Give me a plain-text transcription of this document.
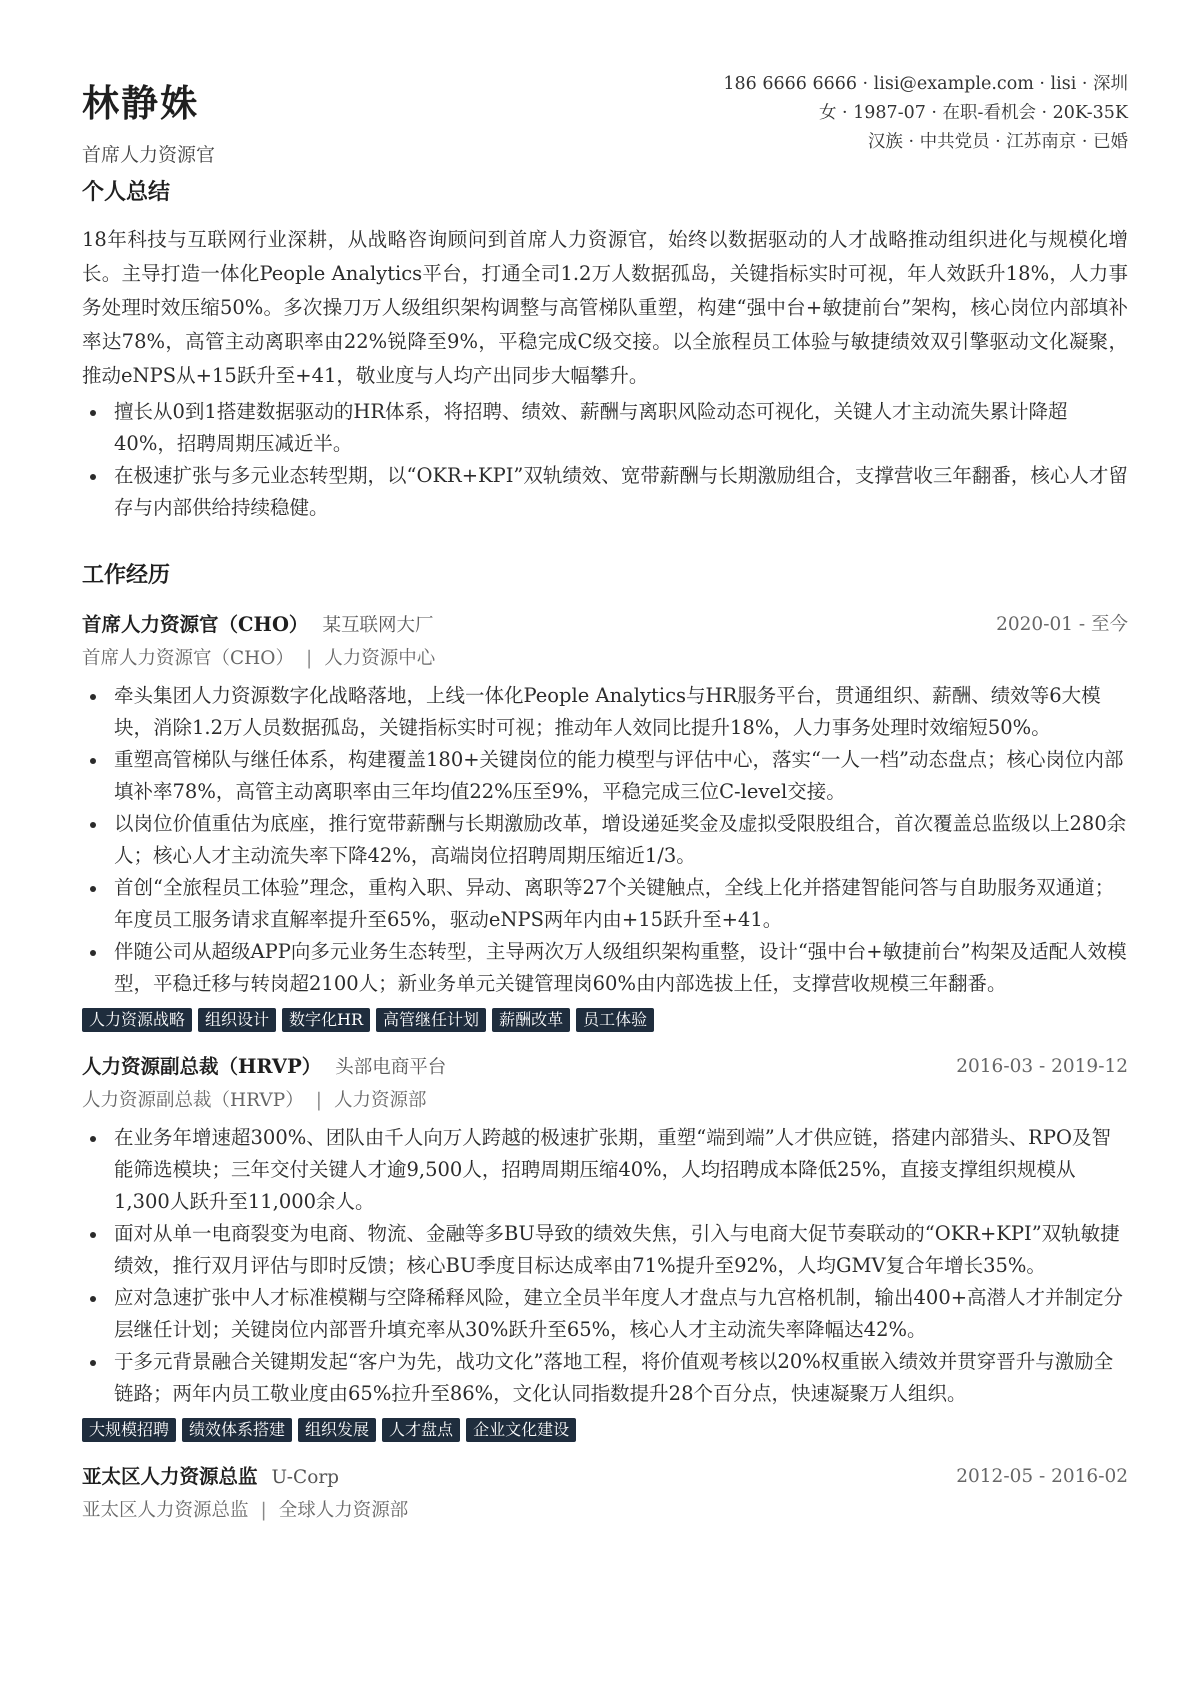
林静姝
首席人力资源官
186 6666 6666 · lisi@example.com · lisi · 深圳
女 · 1987-07 · 在职-看机会 · 20K-35K
汉族 · 中共党员 · 江苏南京 · 已婚
个人总结

18年科技与互联网行业深耕，从战略咨询顾问到首席人力资源官，始终以数据驱动的人才战略推动组织进化与规模化增长。主导打造一体化People Analytics平台，打通全司1.2万人数据孤岛，关键指标实时可视，年人效跃升18%，人力事务处理时效压缩50%。多次操刀万人级组织架构调整与高管梯队重塑，构建“强中台+敏捷前台”架构，核心岗位内部填补率达78%，高管主动离职率由22%锐降至9%，平稳完成C级交接。以全旅程员工体验与敏捷绩效双引擎驱动文化凝聚，推动eNPS从+15跃升至+41，敬业度与人均产出同步大幅攀升。

擅长从0到1搭建数据驱动的HR体系，将招聘、绩效、薪酬与离职风险动态可视化，关键人才主动流失累计降超40%，招聘周期压减近半。
在极速扩张与多元业态转型期，以“OKR+KPI”双轨绩效、宽带薪酬与长期激励组合，支撑营收三年翻番，核心人才留存与内部供给持续稳健。
工作经历
首席人力资源官（CHO） 某互联网大厂	2020-01 - 至今
首席人力资源官（CHO） | 人力资源中心
牵头集团人力资源数字化战略落地，上线一体化People Analytics与HR服务平台，贯通组织、薪酬、绩效等6大模块，消除1.2万人员数据孤岛，关键指标实时可视；推动年人效同比提升18%，人力事务处理时效缩短50%。
重塑高管梯队与继任体系，构建覆盖180+关键岗位的能力模型与评估中心，落实“一人一档”动态盘点；核心岗位内部填补率78%，高管主动离职率由三年均值22%压至9%，平稳完成三位C-level交接。
以岗位价值重估为底座，推行宽带薪酬与长期激励改革，增设递延奖金及虚拟受限股组合，首次覆盖总监级以上280余人；核心人才主动流失率下降42%，高端岗位招聘周期压缩近1/3。
首创“全旅程员工体验”理念，重构入职、异动、离职等27个关键触点，全线上化并搭建智能问答与自助服务双通道；年度员工服务请求直解率提升至65%，驱动eNPS两年内由+15跃升至+41。
伴随公司从超级APP向多元业务生态转型，主导两次万人级组织架构重整，设计“强中台+敏捷前台”构架及适配人效模型，平稳迁移与转岗超2100人；新业务单元关键管理岗60%由内部选拔上任，支撑营收规模三年翻番。
人力资源战略	组织设计	数字化HR	高管继任计划	薪酬改革	员工体验
人力资源副总裁（HRVP） 头部电商平台	2016-03 - 2019-12
人力资源副总裁（HRVP） | 人力资源部
在业务年增速超300%、团队由千人向万人跨越的极速扩张期，重塑“端到端”人才供应链，搭建内部猎头、RPO及智能筛选模块；三年交付关键人才逾9,500人，招聘周期压缩40%，人均招聘成本降低25%，直接支撑组织规模从1,300人跃升至11,000余人。
面对从单一电商裂变为电商、物流、金融等多BU导致的绩效失焦，引入与电商大促节奏联动的“OKR+KPI”双轨敏捷绩效，推行双月评估与即时反馈；核心BU季度目标达成率由71%提升至92%，人均GMV复合年增长35%。
应对急速扩张中人才标准模糊与空降稀释风险，建立全员半年度人才盘点与九宫格机制，输出400+高潜人才并制定分层继任计划；关键岗位内部晋升填充率从30%跃升至65%，核心人才主动流失率降幅达42%。
于多元背景融合关键期发起“客户为先，战功文化”落地工程，将价值观考核以20%权重嵌入绩效并贯穿晋升与激励全链路；两年内员工敬业度由65%拉升至86%，文化认同指数提升28个百分点，快速凝聚万人组织。
大规模招聘	绩效体系搭建	组织发展	人才盘点	企业文化建设
亚太区人力资源总监 U-Corp	2012-05 - 2016-02
亚太区人力资源总监 | 全球人力资源部
